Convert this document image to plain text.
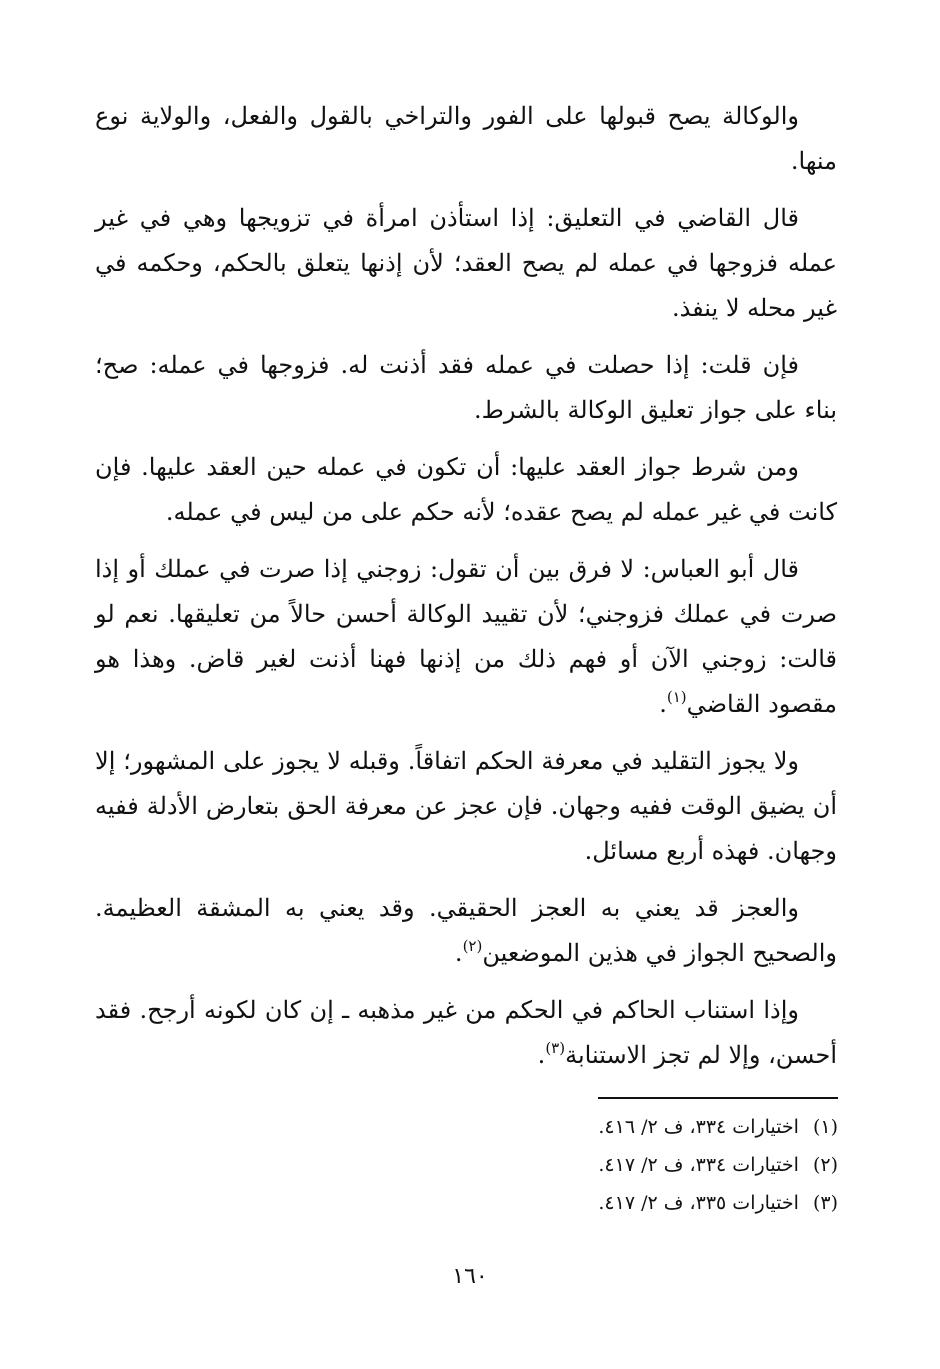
والوكالة يصح قبولها على الفور والتراخي بالقول والفعل، والولاية نوع منها.

قال القاضي في التعليق: إذا استأذن امرأة في تزويجها وهي في غير عمله فزوجها في عمله لم يصح العقد؛ لأن إذنها يتعلق بالحكم، وحكمه في غير محله لا ينفذ.

فإن قلت: إذا حصلت في عمله فقد أذنت له. فزوجها في عمله: صح؛ بناء على جواز تعليق الوكالة بالشرط.

ومن شرط جواز العقد عليها: أن تكون في عمله حين العقد عليها. فإن كانت في غير عمله لم يصح عقده؛ لأنه حكم على من ليس في عمله.

قال أبو العباس: لا فرق بين أن تقول: زوجني إذا صرت في عملك أو إذا صرت في عملك فزوجني؛ لأن تقييد الوكالة أحسن حالاً من تعليقها. نعم لو قالت: زوجني الآن أو فهم ذلك من إذنها فهنا أذنت لغير قاض. وهذا هو مقصود القاضي$^{(١)}$.

ولا يجوز التقليد في معرفة الحكم اتفاقاً. وقبله لا يجوز على المشهور؛ إلا أن يضيق الوقت ففيه وجهان. فإن عجز عن معرفة الحق بتعارض الأدلة ففيه وجهان. فهذه أربع مسائل.

والعجز قد يعني به العجز الحقيقي. وقد يعني به المشقة العظيمة. والصحيح الجواز في هذين الموضعين$^{(٢)}$.

وإذا استناب الحاكم في الحكم من غير مذهبه ـ إن كان لكونه أرجح. فقد أحسن، وإلا لم تجز الاستنابة$^{(٣)}$.

(١)اختيارات ٣٣٤، ف ٢/ ٤١٦.

(٢)اختيارات ٣٣٤، ف ٢/ ٤١٧.

(٣)اختيارات ٣٣٥، ف ٢/ ٤١٧.

١٦٠
